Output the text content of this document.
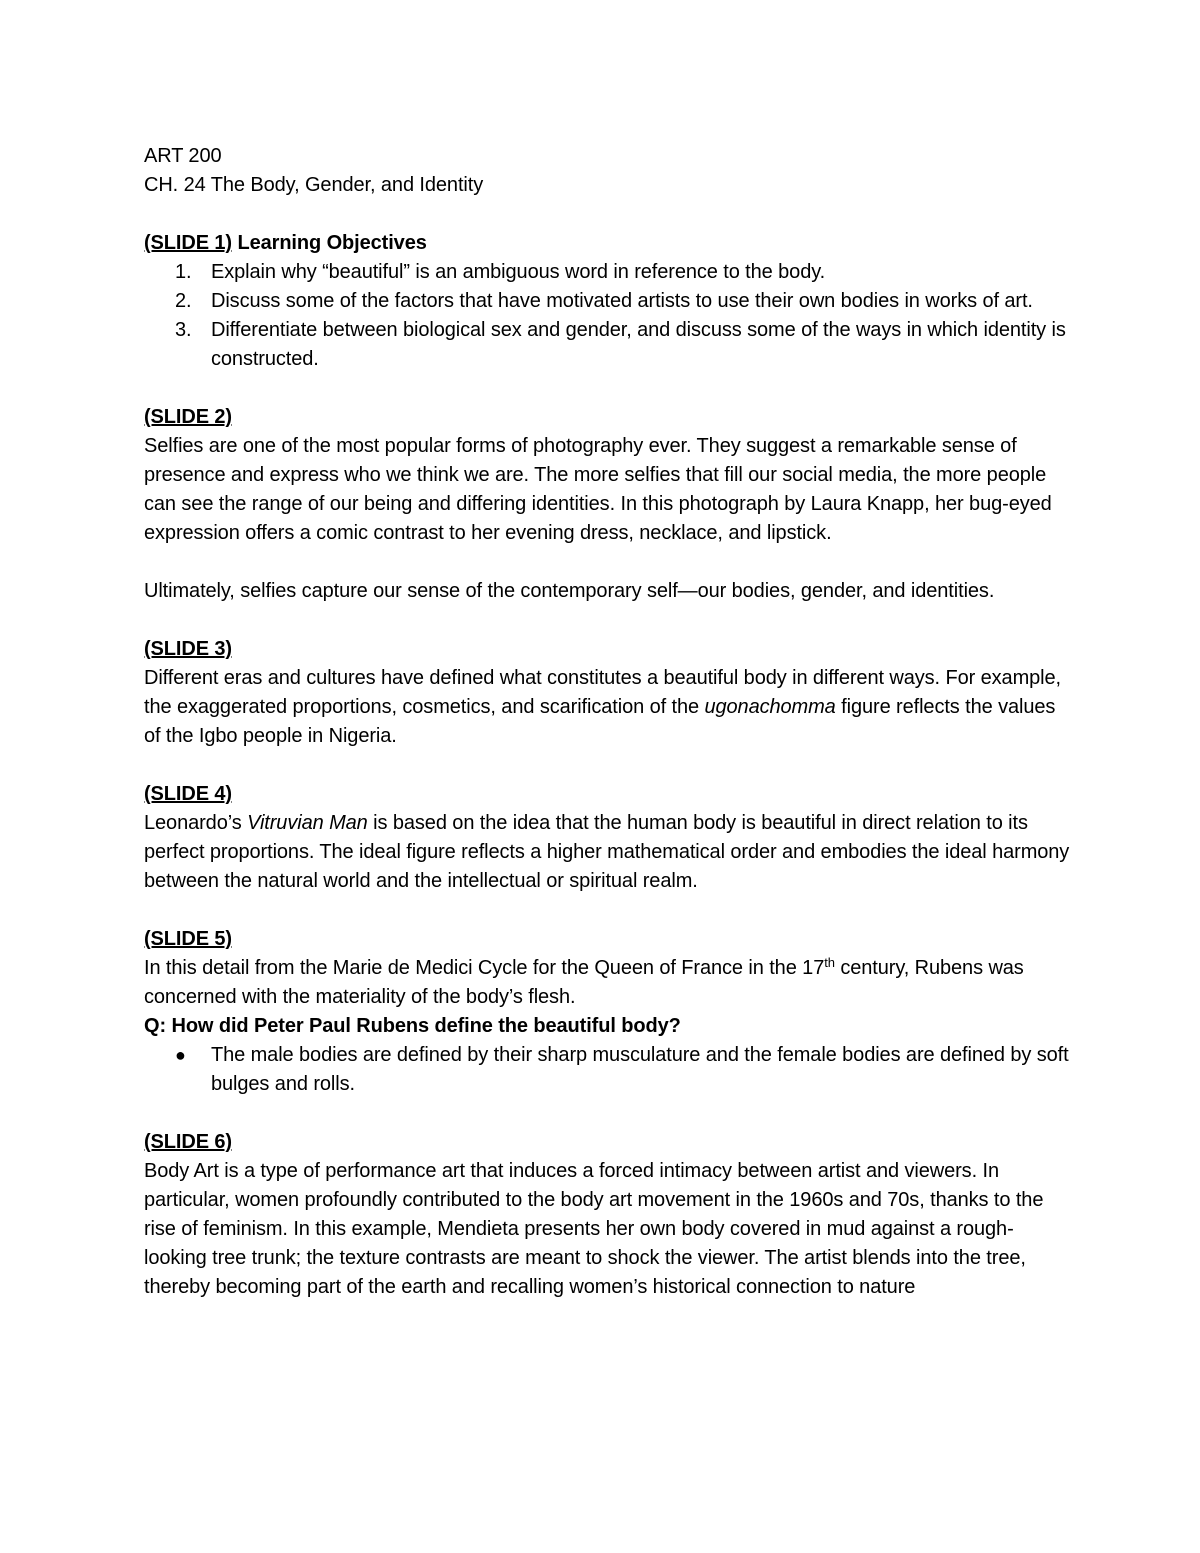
ART 200

CH. 24 The Body, Gender, and Identity

(SLIDE 1) Learning Objectives

1. Explain why “beautiful” is an ambiguous word in reference to the body.
2. Discuss some of the factors that have motivated artists to use their own bodies in works of art.
3. Differentiate between biological sex and gender, and discuss some of the ways in which identity is constructed.

(SLIDE 2)

Selfies are one of the most popular forms of photography ever. They suggest a remarkable sense of presence and express who we think we are. The more selfies that fill our social media, the more people can see the range of our being and differing identities. In this photograph by Laura Knapp, her bug-eyed expression offers a comic contrast to her evening dress, necklace, and lipstick.

Ultimately, selfies capture our sense of the contemporary self—our bodies, gender, and identities.

(SLIDE 3)

Different eras and cultures have defined what constitutes a beautiful body in different ways. For example, the exaggerated proportions, cosmetics, and scarification of the ugonachomma figure reflects the values of the Igbo people in Nigeria.

(SLIDE 4)

Leonardo’s Vitruvian Man is based on the idea that the human body is beautiful in direct relation to its perfect proportions. The ideal figure reflects a higher mathematical order and embodies the ideal harmony between the natural world and the intellectual or spiritual realm.

(SLIDE 5)

In this detail from the Marie de Medici Cycle for the Queen of France in the 17th century, Rubens was concerned with the materiality of the body’s flesh.

Q: How did Peter Paul Rubens define the beautiful body?

● The male bodies are defined by their sharp musculature and the female bodies are defined by soft bulges and rolls.

(SLIDE 6)

Body Art is a type of performance art that induces a forced intimacy between artist and viewers. In particular, women profoundly contributed to the body art movement in the 1960s and 70s, thanks to the rise of feminism. In this example, Mendieta presents her own body covered in mud against a rough-looking tree trunk; the texture contrasts are meant to shock the viewer. The artist blends into the tree, thereby becoming part of the earth and recalling women’s historical connection to nature
